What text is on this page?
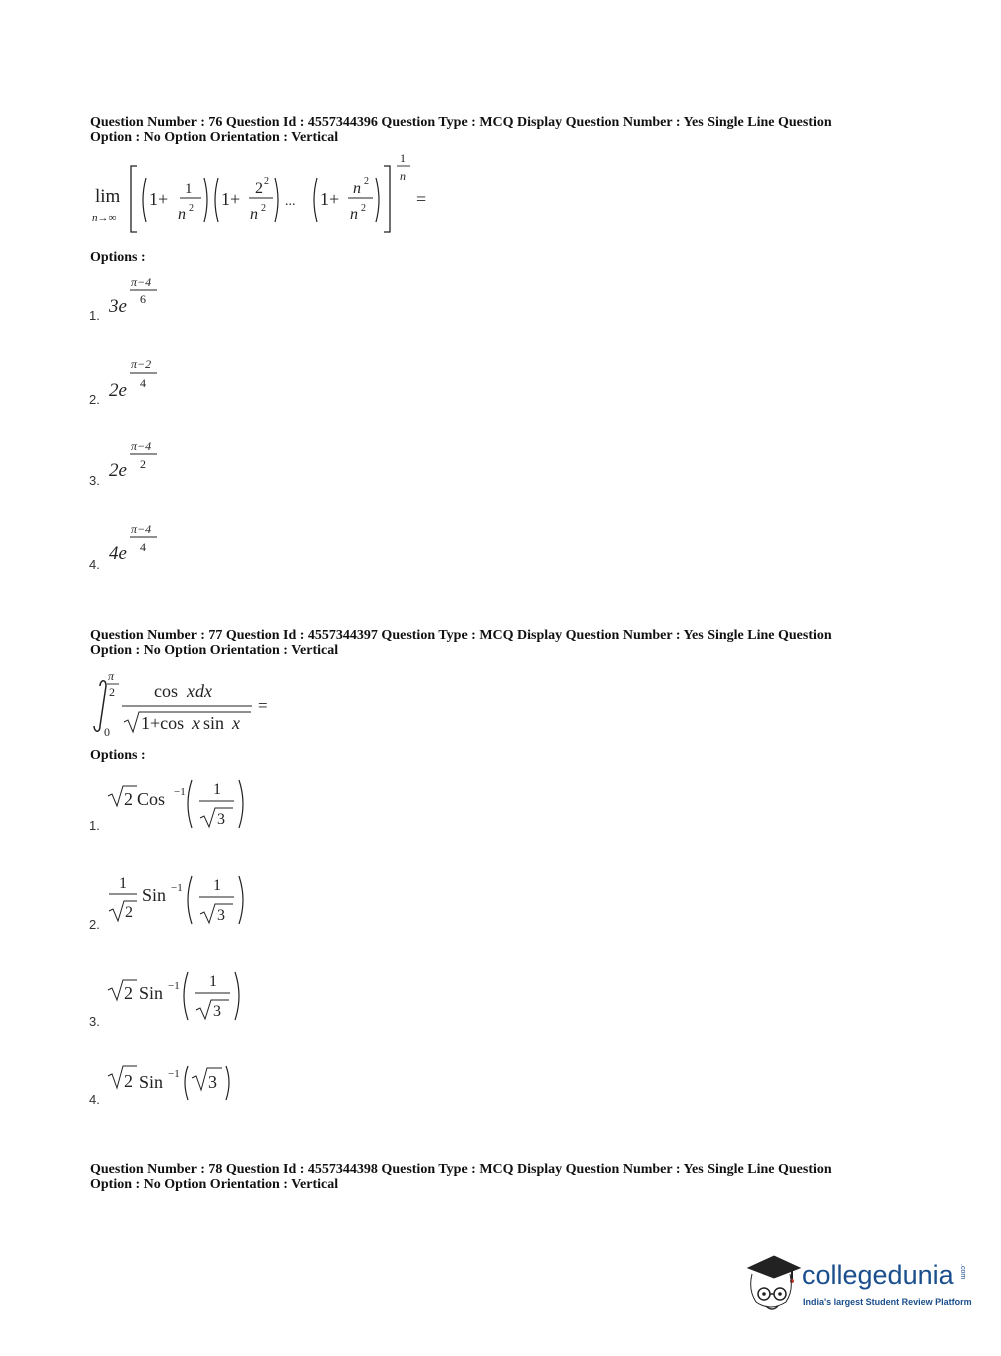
Question Number : 76 Question Id : 4557344396 Question Type : MCQ Display Question Number : Yes Single Line Question
Option : No Option Orientation : Vertical
lim
n→∞
1+ 1
n 2 1+
2 2
n 2 ... 1+
n 2
n 2
1
n
=
Options :
1. 3e
π−4
6
2. 2e
π−2
4
3. 2e
π−4
2
4.
4e
π−4
4
Question Number : 77 Question Id : 4557344397 Question Type : MCQ Display Question Number : Yes Single Line Question
Option : No Option Orientation : Vertical
π
2
0
cos xdx
1+cos x sin x
=
Options :
1.
2 Cos −1 1
3
2.
1
2
Sin −1 1
3
3.
2 Sin −1 1
3
4.
2 Sin −1 3
Question Number : 78 Question Id : 4557344398 Question Type : MCQ Display Question Number : Yes Single Line Question
Option : No Option Orientation : Vertical
collegedunia .com
India's largest Student Review Platform
